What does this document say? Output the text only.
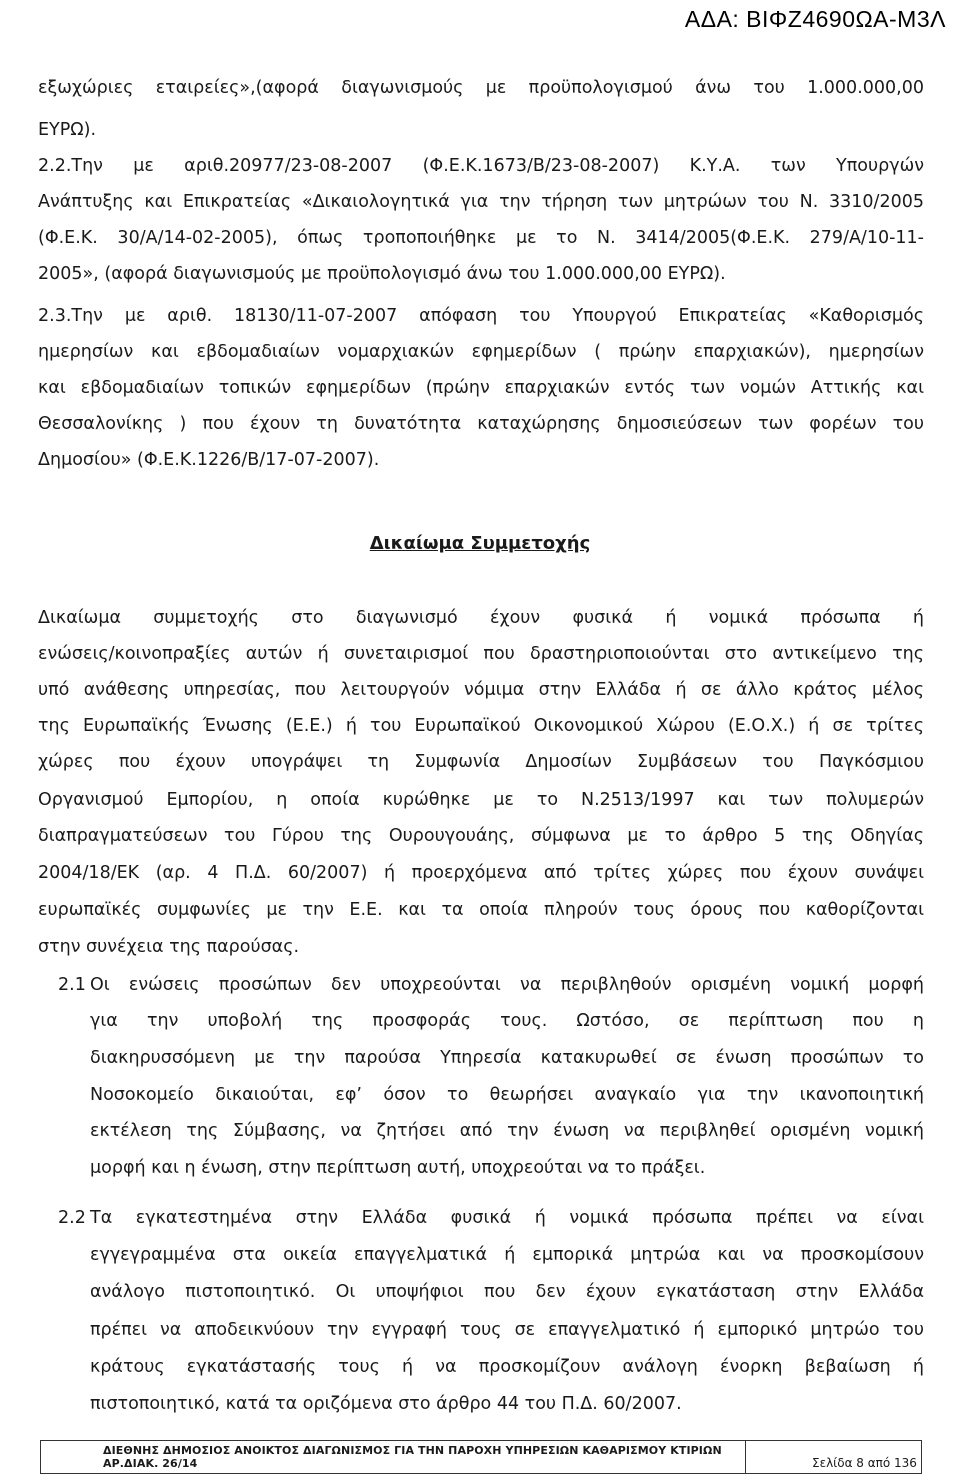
ΑΔΑ: ΒΙΦΖ4690ΩΑ-Μ3Λ
εξωχώριες εταιρείες»,(αφορά διαγωνισμούς με προϋπολογισμού άνω του 1.000.000,00
ΕΥΡΩ).
2.2.Την με αριθ.20977/23-08-2007 (Φ.Ε.Κ.1673/Β/23-08-2007) Κ.Υ.Α. των Υπουργών
Ανάπτυξης και Επικρατείας «Δικαιολογητικά για την τήρηση των μητρώων του Ν. 3310/2005
(Φ.Ε.Κ. 30/Α/14-02-2005), όπως τροποποιήθηκε με το Ν. 3414/2005(Φ.Ε.Κ. 279/Α/10-11-
2005», (αφορά διαγωνισμούς με προϋπολογισμό άνω του 1.000.000,00 ΕΥΡΩ).
2.3.Την με αριθ. 18130/11-07-2007 απόφαση του Υπουργού Επικρατείας «Καθορισμός
ημερησίων και εβδομαδιαίων νομαρχιακών εφημερίδων ( πρώην επαρχιακών), ημερησίων
και εβδομαδιαίων τοπικών εφημερίδων (πρώην επαρχιακών εντός των νομών Αττικής και
Θεσσαλονίκης ) που έχουν τη δυνατότητα καταχώρησης δημοσιεύσεων των φορέων του
Δημοσίου» (Φ.Ε.Κ.1226/Β/17-07-2007).
Δικαίωμα Συμμετοχής
Δικαίωμα συμμετοχής στο διαγωνισμό έχουν φυσικά ή νομικά πρόσωπα ή
ενώσεις/κοινοπραξίες αυτών ή συνεταιρισμοί που δραστηριοποιούνται στο αντικείμενο της
υπό ανάθεσης υπηρεσίας, που λειτουργούν νόμιμα στην Ελλάδα ή σε άλλο κράτος μέλος
της Ευρωπαϊκής Ένωσης (Ε.Ε.) ή του Ευρωπαϊκού Οικονομικού Χώρου (Ε.Ο.Χ.) ή σε τρίτες
χώρες που έχουν υπογράψει τη Συμφωνία Δημοσίων Συμβάσεων του Παγκόσμιου
Οργανισμού Εμπορίου, η οποία κυρώθηκε με το Ν.2513/1997 και των πολυμερών
διαπραγματεύσεων του Γύρου της Ουρουγουάης, σύμφωνα με το άρθρο 5 της Οδηγίας
2004/18/ΕΚ (αρ. 4 Π.Δ. 60/2007) ή προερχόμενα από τρίτες χώρες που έχουν συνάψει
ευρωπαϊκές συμφωνίες με την Ε.Ε. και τα οποία πληρούν τους όρους που καθορίζονται
στην συνέχεια της παρούσας.
2.1 Οι ενώσεις προσώπων δεν υποχρεούνται να περιβληθούν ορισμένη νομική μορφή
για την υποβολή της προσφοράς τους. Ωστόσο, σε περίπτωση που η
διακηρυσσόμενη με την παρούσα Υπηρεσία κατακυρωθεί σε ένωση προσώπων το
Νοσοκομείο δικαιούται, εφ’ όσον το θεωρήσει αναγκαίο για την ικανοποιητική
εκτέλεση της Σύμβασης, να ζητήσει από την ένωση να περιβληθεί ορισμένη νομική
μορφή και η ένωση, στην περίπτωση αυτή, υποχρεούται να το πράξει.
2.2 Τα εγκατεστημένα στην Ελλάδα φυσικά ή νομικά πρόσωπα πρέπει να είναι
εγγεγραμμένα στα οικεία επαγγελματικά ή εμπορικά μητρώα και να προσκομίσουν
ανάλογο πιστοποιητικό. Οι υποψήφιοι που δεν έχουν εγκατάσταση στην Ελλάδα
πρέπει να αποδεικνύουν την εγγραφή τους σε επαγγελματικό ή εμπορικό μητρώο του
κράτους εγκατάστασής τους ή να προσκομίζουν ανάλογη ένορκη βεβαίωση ή
πιστοποιητικό, κατά τα οριζόμενα στο άρθρο 44 του Π.Δ. 60/2007.
ΔΙΕΘΝΗΣ ΔΗΜΟΣΙΟΣ ΑΝΟΙΚΤΟΣ ΔΙΑΓΩΝΙΣΜΟΣ ΓΙΑ ΤΗΝ ΠΑΡΟΧΗ ΥΠΗΡΕΣΙΩΝ ΚΑΘΑΡΙΣΜΟΥ ΚΤΙΡΙΩΝ ΑΡ.ΔΙΑΚ. 26/14	Σελίδα 8 από 136
